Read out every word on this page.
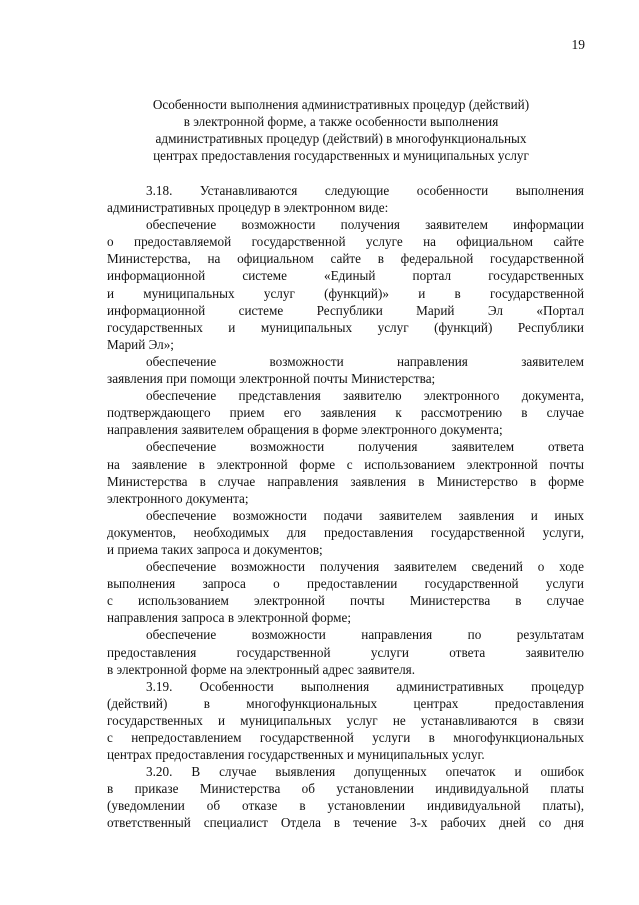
19
Особенности выполнения административных процедур (действий)
в электронной форме, а также особенности выполнения
административных процедур (действий) в многофункциональных
центрах предоставления государственных и муниципальных услуг
3.18. Устанавливаются следующие особенности выполнения
административных процедур в электронном виде:
обеспечение возможности получения заявителем информации
о предоставляемой государственной услуге на официальном сайте
Министерства, на официальном сайте в федеральной государственной
информационной системе «Единый портал государственных
и муниципальных услуг (функций)» и в государственной
информационной системе Республики Марий Эл «Портал
государственных и муниципальных услуг (функций) Республики
Марий Эл»;
обеспечение возможности направления заявителем
заявления при помощи электронной почты Министерства;
обеспечение представления заявителю электронного документа,
подтверждающего прием его заявления к рассмотрению в случае
направления заявителем обращения в форме электронного документа;
обеспечение возможности получения заявителем ответа
на заявление в электронной форме с использованием электронной почты
Министерства в случае направления заявления в Министерство в форме
электронного документа;
обеспечение возможности подачи заявителем заявления и иных
документов, необходимых для предоставления государственной услуги,
и приема таких запроса и документов;
обеспечение возможности получения заявителем сведений о ходе
выполнения запроса о предоставлении государственной услуги
с использованием электронной почты Министерства в случае
направления запроса в электронной форме;
обеспечение возможности направления по результатам
предоставления государственной услуги ответа заявителю
в электронной форме на электронный адрес заявителя.
3.19. Особенности выполнения административных процедур
(действий) в многофункциональных центрах предоставления
государственных и муниципальных услуг не устанавливаются в связи
с непредоставлением государственной услуги в многофункциональных
центрах предоставления государственных и муниципальных услуг.
3.20. В случае выявления допущенных опечаток и ошибок
в приказе Министерства об установлении индивидуальной платы
(уведомлении об отказе в установлении индивидуальной платы),
ответственный специалист Отдела в течение 3-х рабочих дней со дня
